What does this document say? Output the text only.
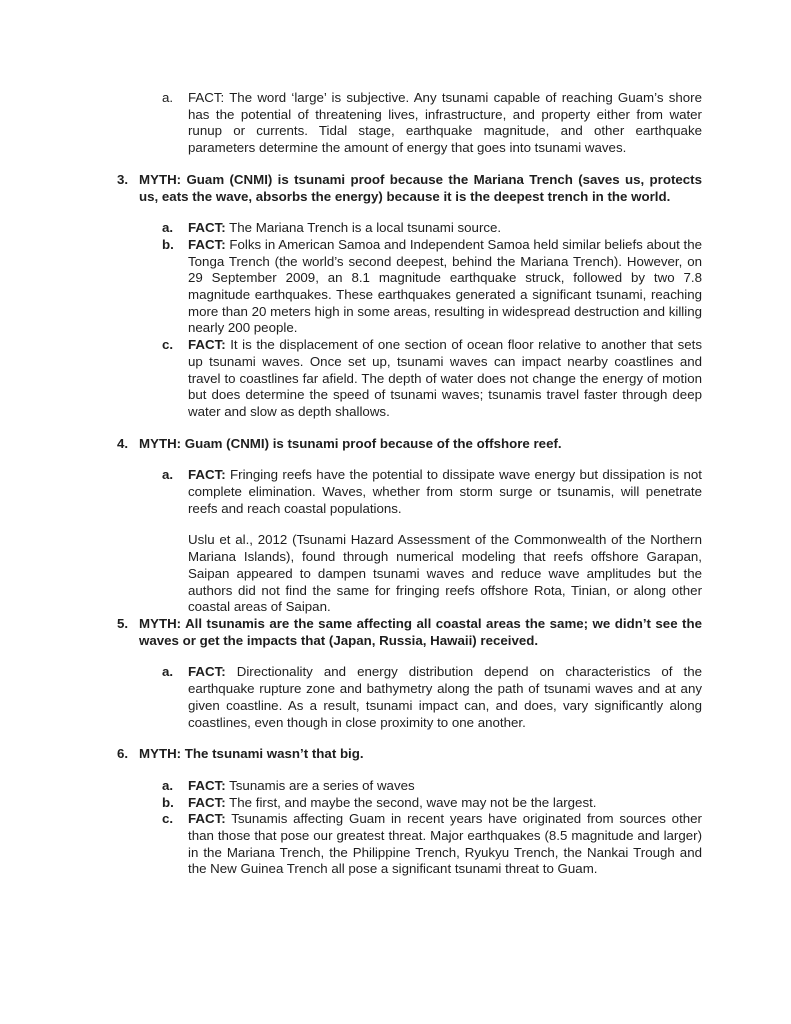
a.	FACT: The word ‘large’ is subjective. Any tsunami capable of reaching Guam’s shore has the potential of threatening lives, infrastructure, and property either from water runup or currents. Tidal stage, earthquake magnitude, and other earthquake parameters determine the amount of energy that goes into tsunami waves.

3. MYTH: Guam (CNMI) is tsunami proof because the Mariana Trench (saves us, protects us, eats the wave, absorbs the energy) because it is the deepest trench in the world.

a.	FACT: The Mariana Trench is a local tsunami source.

b.	FACT: Folks in American Samoa and Independent Samoa held similar beliefs about the Tonga Trench (the world’s second deepest, behind the Mariana Trench). However, on 29 September 2009, an 8.1 magnitude earthquake struck, followed by two 7.8 magnitude earthquakes. These earthquakes generated a significant tsunami, reaching more than 20 meters high in some areas, resulting in widespread destruction and killing nearly 200 people.

c.	FACT: It is the displacement of one section of ocean floor relative to another that sets up tsunami waves. Once set up, tsunami waves can impact nearby coastlines and travel to coastlines far afield. The depth of water does not change the energy of motion but does determine the speed of tsunami waves; tsunamis travel faster through deep water and slow as depth shallows.

4. MYTH: Guam (CNMI) is tsunami proof because of the offshore reef.

a.	FACT: Fringing reefs have the potential to dissipate wave energy but dissipation is not complete elimination. Waves, whether from storm surge or tsunamis, will penetrate reefs and reach coastal populations.

Uslu et al., 2012 (Tsunami Hazard Assessment of the Commonwealth of the Northern Mariana Islands), found through numerical modeling that reefs offshore Garapan, Saipan appeared to dampen tsunami waves and reduce wave amplitudes but the authors did not find the same for fringing reefs offshore Rota, Tinian, or along other coastal areas of Saipan.

5. MYTH: All tsunamis are the same affecting all coastal areas the same; we didn’t see the waves or get the impacts that (Japan, Russia, Hawaii) received.

a.	FACT: Directionality and energy distribution depend on characteristics of the earthquake rupture zone and bathymetry along the path of tsunami waves and at any given coastline. As a result, tsunami impact can, and does, vary significantly along coastlines, even though in close proximity to one another.

6. MYTH: The tsunami wasn’t that big.

a.	FACT: Tsunamis are a series of waves

b.	FACT: The first, and maybe the second, wave may not be the largest.

c.	FACT: Tsunamis affecting Guam in recent years have originated from sources other than those that pose our greatest threat. Major earthquakes (8.5 magnitude and larger) in the Mariana Trench, the Philippine Trench, Ryukyu Trench, the Nankai Trough and the New Guinea Trench all pose a significant tsunami threat to Guam.
